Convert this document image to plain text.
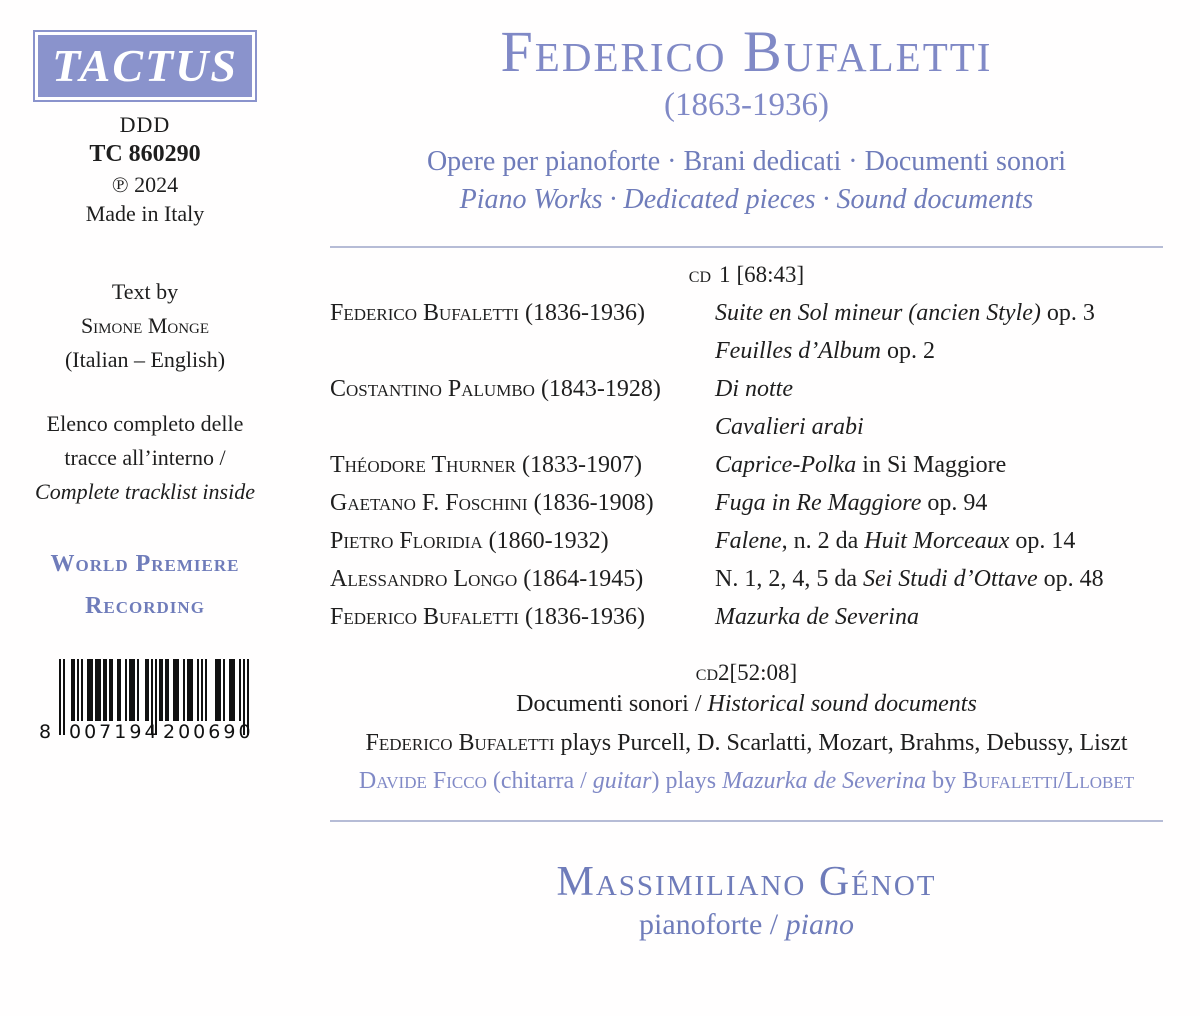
TACTUS
DDD
TC 860290
℗ 2024
Made in Italy
Text by
Simone Monge
(Italian – English)
Elenco completo delle
tracce all’interno /
Complete tracklist inside
World Premiere
Recording
8 007194 200690
Federico Bufaletti
(1863-1936)
Opere per pianoforte · Brani dedicati · Documenti sonori
Piano Works · Dedicated pieces · Sound documents
cd 1 [68:43]
Federico Bufaletti (1836-1936)	Suite en Sol mineur (ancien Style) op. 3
Feuilles d’Album op. 2
Costantino Palumbo (1843-1928)	Di notte
Cavalieri arabi
Théodore Thurner (1833-1907)	Caprice-Polka in Si Maggiore
Gaetano F. Foschini (1836-1908)	Fuga in Re Maggiore op. 94
Pietro Floridia (1860-1932)	Falene, n. 2 da Huit Morceaux op. 14
Alessandro Longo (1864-1945)	N. 1, 2, 4, 5 da Sei Studi d’Ottave op. 48
Federico Bufaletti (1836-1936)	Mazurka de Severina
cd2[52:08]
Documenti sonori / Historical sound documents
Federico Bufaletti plays Purcell, D. Scarlatti, Mozart, Brahms, Debussy, Liszt
Davide Ficco (chitarra / guitar) plays Mazurka de Severina by Bufaletti/Llobet
Massimiliano Génot
pianoforte / piano
